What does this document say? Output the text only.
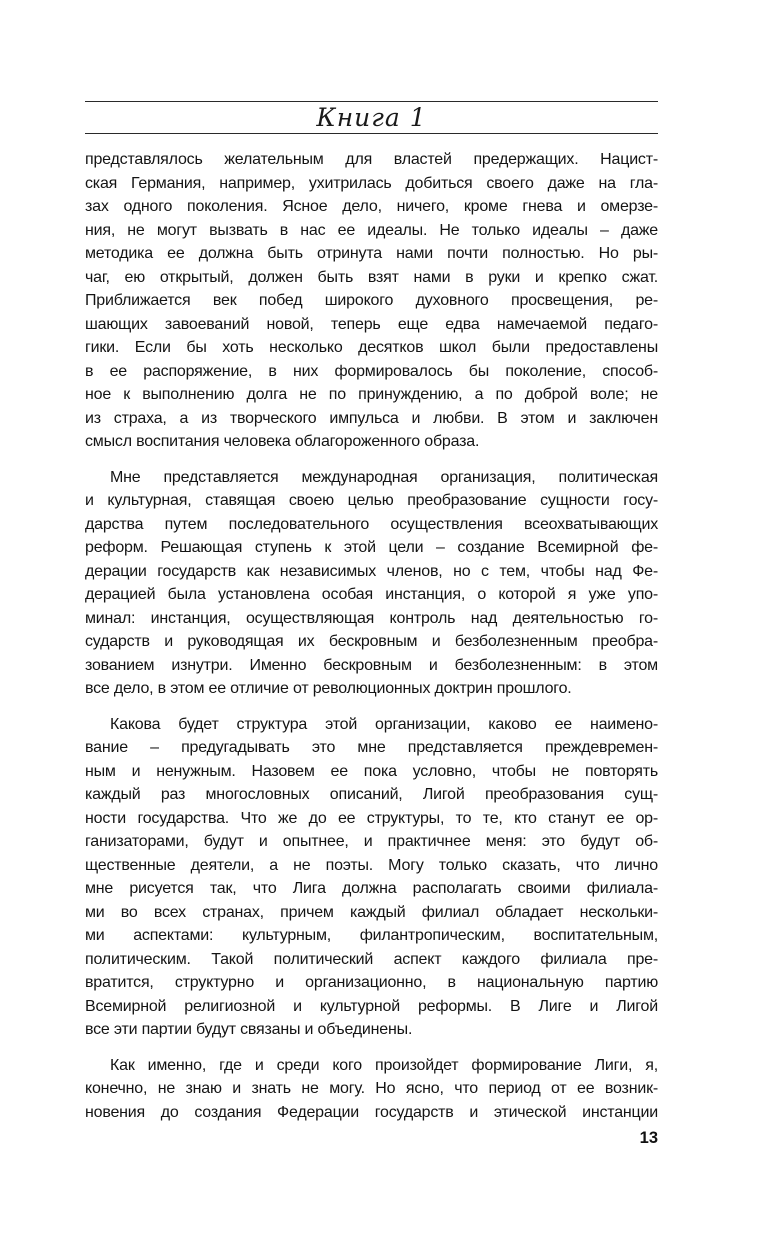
Книга 1
представлялось желательным для властей предержащих. Нацист-
ская Германия, например, ухитрилась добиться своего даже на гла-
зах одного поколения. Ясное дело, ничего, кроме гнева и омерзе-
ния, не могут вызвать в нас ее идеалы. Не только идеалы – даже
методика ее должна быть отринута нами почти полностью. Но ры-
чаг, ею открытый, должен быть взят нами в руки и крепко сжат.
Приближается век побед широкого духовного просвещения, ре-
шающих завоеваний новой, теперь еще едва намечаемой педаго-
гики. Если бы хоть несколько десятков школ были предоставлены
в ее распоряжение, в них формировалось бы поколение, способ-
ное к выполнению долга не по принуждению, а по доброй воле; не
из страха, а из творческого импульса и любви. В этом и заключен
смысл воспитания человека облагороженного образа.
Мне представляется международная организация, политическая
и культурная, ставящая своею целью преобразование сущности госу-
дарства путем последовательного осуществления всеохватывающих
реформ. Решающая ступень к этой цели – создание Всемирной фе-
дерации государств как независимых членов, но с тем, чтобы над Фе-
дерацией была установлена особая инстанция, о которой я уже упо-
минал: инстанция, осуществляющая контроль над деятельностью го-
сударств и руководящая их бескровным и безболезненным преобра-
зованием изнутри. Именно бескровным и безболезненным: в этом
все дело, в этом ее отличие от революционных доктрин прошлого.
Какова будет структура этой организации, каково ее наимено-
вание – предугадывать это мне представляется преждевремен-
ным и ненужным. Назовем ее пока условно, чтобы не повторять
каждый раз многословных описаний, Лигой преобразования сущ-
ности государства. Что же до ее структуры, то те, кто станут ее ор-
ганизаторами, будут и опытнее, и практичнее меня: это будут об-
щественные деятели, а не поэты. Могу только сказать, что лично
мне рисуется так, что Лига должна располагать своими филиала-
ми во всех странах, причем каждый филиал обладает нескольки-
ми аспектами: культурным, филантропическим, воспитательным,
политическим. Такой политический аспект каждого филиала пре-
вратится, структурно и организационно, в национальную партию
Всемирной религиозной и культурной реформы. В Лиге и Лигой
все эти партии будут связаны и объединены.
Как именно, где и среди кого произойдет формирование Лиги, я,
конечно, не знаю и знать не могу. Но ясно, что период от ее возник-
новения до создания Федерации государств и этической инстанции
13
